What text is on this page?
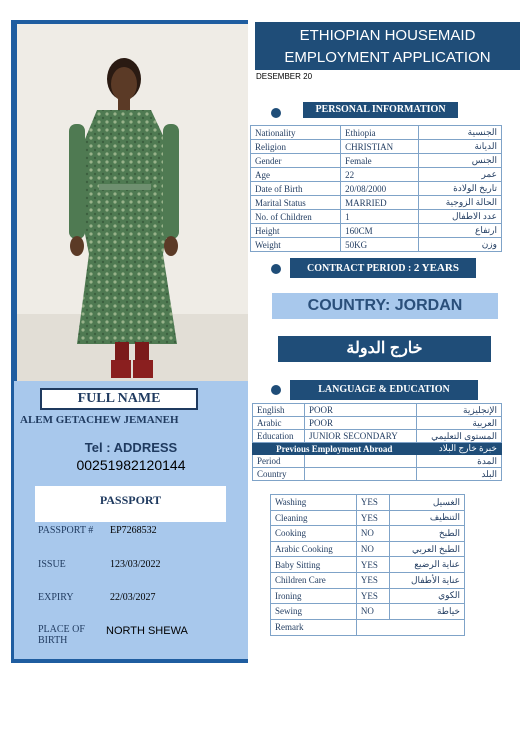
FULL NAME
ALEM GETACHEW JEMANEH
Tel : ADDRESS
00251982120144
PASSPORT
PASSPORT # EP7268532
ISSUE	123/03/2022
EXPIRY	22/03/2027
PLACE OF
BIRTH
NORTH SHEWA
ETHIOPIAN HOUSEMAID
EMPLOYMENT APPLICATION
DESEMBER 20
PERSONAL INFORMATION
Nationality	Ethiopia	الجنسية
Religion	CHRISTIAN	الديانة
Gender	Female	الجنس
Age	22	عمر
Date of Birth	20/08/2000	تاريخ الولادة
Marital Status	MARRIED	الحالة الزوجية
No. of Children	1	عدد الاطفال
Height	160CM	ارتفاع
Weight	50KG	وزن
CONTRACT PERIOD : 2 YEARS
COUNTRY: JORDAN
خارج الدولة
LANGUAGE & EDUCATION
English	POOR	الإنجليزية
Arabic	POOR	العربية
Education	JUNIOR SECONDARY	المستوى التعليمي
Previous Employment Abroad		خبرة خارج البلاد
Period		المدة
Country		البلد
Washing	YES	الغسيل
Cleaning	YES	التنظيف
Cooking	NO	الطبخ
Arabic Cooking	NO	الطبخ العربي
Baby Sitting	YES	عناية الرضيع
Children Care	YES	عناية الأطفال
Ironing	YES	الكوي
Sewing	NO	خياطة
Remark		
